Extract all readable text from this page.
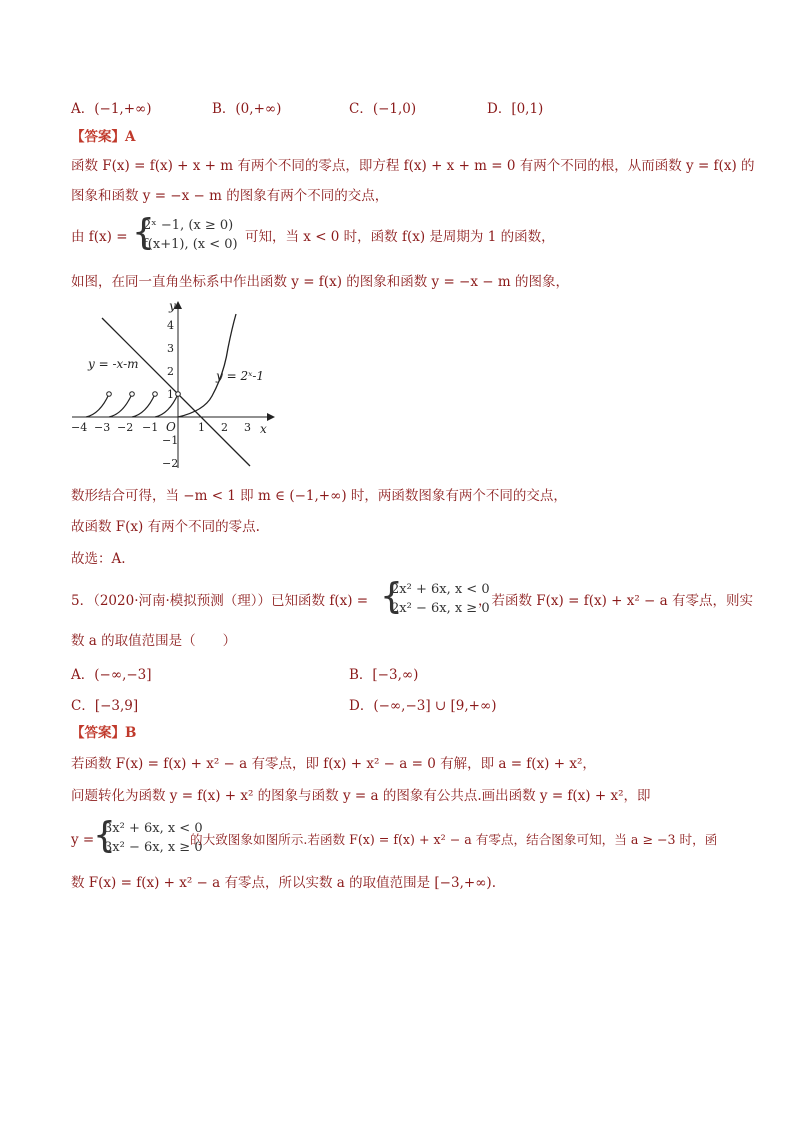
A．(−1,+∞)	B．(0,+∞)	C．(−1,0)	D．[0,1)
【答案】A
函数 F(x) = f(x) + x + m 有两个不同的零点，即方程 f(x) + x + m = 0 有两个不同的根，从而函数 y = f(x) 的
图象和函数 y = −x − m 的图象有两个不同的交点，
由 f(x) = {
2ˣ −1, (x ≥ 0)
f(x+1), (x < 0) 可知，当 x < 0 时，函数 f(x) 是周期为 1 的函数，
如图，在同一直角坐标系中作出函数 y = f(x) 的图象和函数 y = −x − m 的图象，
y = -x-m
y = 2ˣ-1
x
y
O
−4 −3 −2 −1	1 2 3
4
3
2
1
−1
−2
数形结合可得，当 −m < 1 即 m ∈ (−1,+∞) 时，两函数图象有两个不同的交点，
故函数 F(x) 有两个不同的零点.
故选：A.
5．（2020·河南·模拟预测（理））已知函数 f(x) = {
2x² + 6x, x < 0
2x² − 6x, x ≥ 0
，若函数 F(x) = f(x) + x² − a 有零点，则实
数 a 的取值范围是（　　）
A．(−∞,−3]	B．[−3,∞)
C．[−3,9]	D．(−∞,−3] ∪ [9,+∞)
【答案】B
若函数 F(x) = f(x) + x² − a 有零点，即 f(x) + x² − a = 0 有解，即 a = f(x) + x²，
问题转化为函数 y = f(x) + x² 的图象与函数 y = a 的图象有公共点.画出函数 y = f(x) + x²，即
y =
{
3x² + 6x, x < 0
3x² − 6x, x ≥ 0
的大致图象如图所示.若函数 F(x) = f(x) + x² − a 有零点，结合图象可知，当 a ≥ −3 时，函
数 F(x) = f(x) + x² − a 有零点，所以实数 a 的取值范围是 [−3,+∞).
